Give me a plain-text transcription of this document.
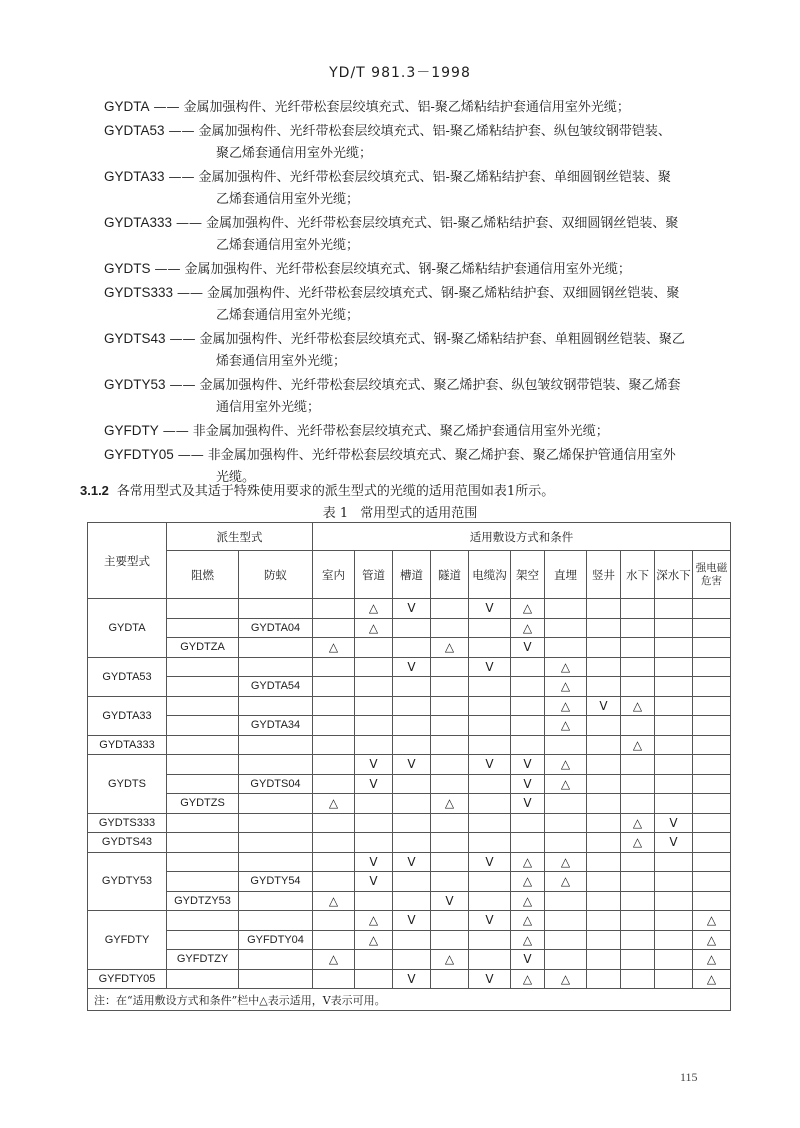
YD/T 981.3－1998
GYDTA —— 金属加强构件、光纤带松套层绞填充式、铝-聚乙烯粘结护套通信用室外光缆；
GYDTA53 —— 金属加强构件、光纤带松套层绞填充式、铝-聚乙烯粘结护套、纵包皱纹钢带铠装、
聚乙烯套通信用室外光缆；
GYDTA33 —— 金属加强构件、光纤带松套层绞填充式、铝-聚乙烯粘结护套、单细圆钢丝铠装、聚
乙烯套通信用室外光缆；
GYDTA333 —— 金属加强构件、光纤带松套层绞填充式、铝-聚乙烯粘结护套、双细圆钢丝铠装、聚
乙烯套通信用室外光缆；
GYDTS —— 金属加强构件、光纤带松套层绞填充式、钢-聚乙烯粘结护套通信用室外光缆；
GYDTS333 —— 金属加强构件、光纤带松套层绞填充式、钢-聚乙烯粘结护套、双细圆钢丝铠装、聚
乙烯套通信用室外光缆；
GYDTS43 —— 金属加强构件、光纤带松套层绞填充式、钢-聚乙烯粘结护套、单粗圆钢丝铠装、聚乙
烯套通信用室外光缆；
GYDTY53 —— 金属加强构件、光纤带松套层绞填充式、聚乙烯护套、纵包皱纹钢带铠装、聚乙烯套
通信用室外光缆；
GYFDTY —— 非金属加强构件、光纤带松套层绞填充式、聚乙烯护套通信用室外光缆；
GYFDTY05 —— 非金属加强构件、光纤带松套层绞填充式、聚乙烯护套、聚乙烯保护管通信用室外
光缆。
3.1.2 各常用型式及其适于特殊使用要求的派生型式的光缆的适用范围如表1所示。
表 1 常用型式的适用范围
主要型式	派生型式		适用敷设方式和条件										
	阻燃	防蚁	室内	管道	槽道	隧道	电缆沟	架空	直埋	竖井	水下	深水下	强电磁危害
GYDTA				△	V		V	△					
		GYDTA04		△				△					
	GYDTZA		△			△		V					
GYDTA53					V		V		△				
		GYDTA54							△				
GYDTA33									△	V	△		
		GYDTA34							△				
GYDTA333											△		
GYDTS				V	V		V	V	△				
		GYDTS04		V				V	△				
	GYDTZS		△			△		V					
GYDTS333											△	V	
GYDTS43											△	V	
GYDTY53				V	V		V	△	△				
		GYDTY54		V				△	△				
	GYDTZY53		△			V		△					
GYFDTY				△	V		V	△					△
		GYFDTY04		△				△					△
	GYFDTZY		△			△		V					△
GYFDTY05					V		V	△	△				△
注：在“适用敷设方式和条件”栏中△表示适用，V表示可用。													
115
